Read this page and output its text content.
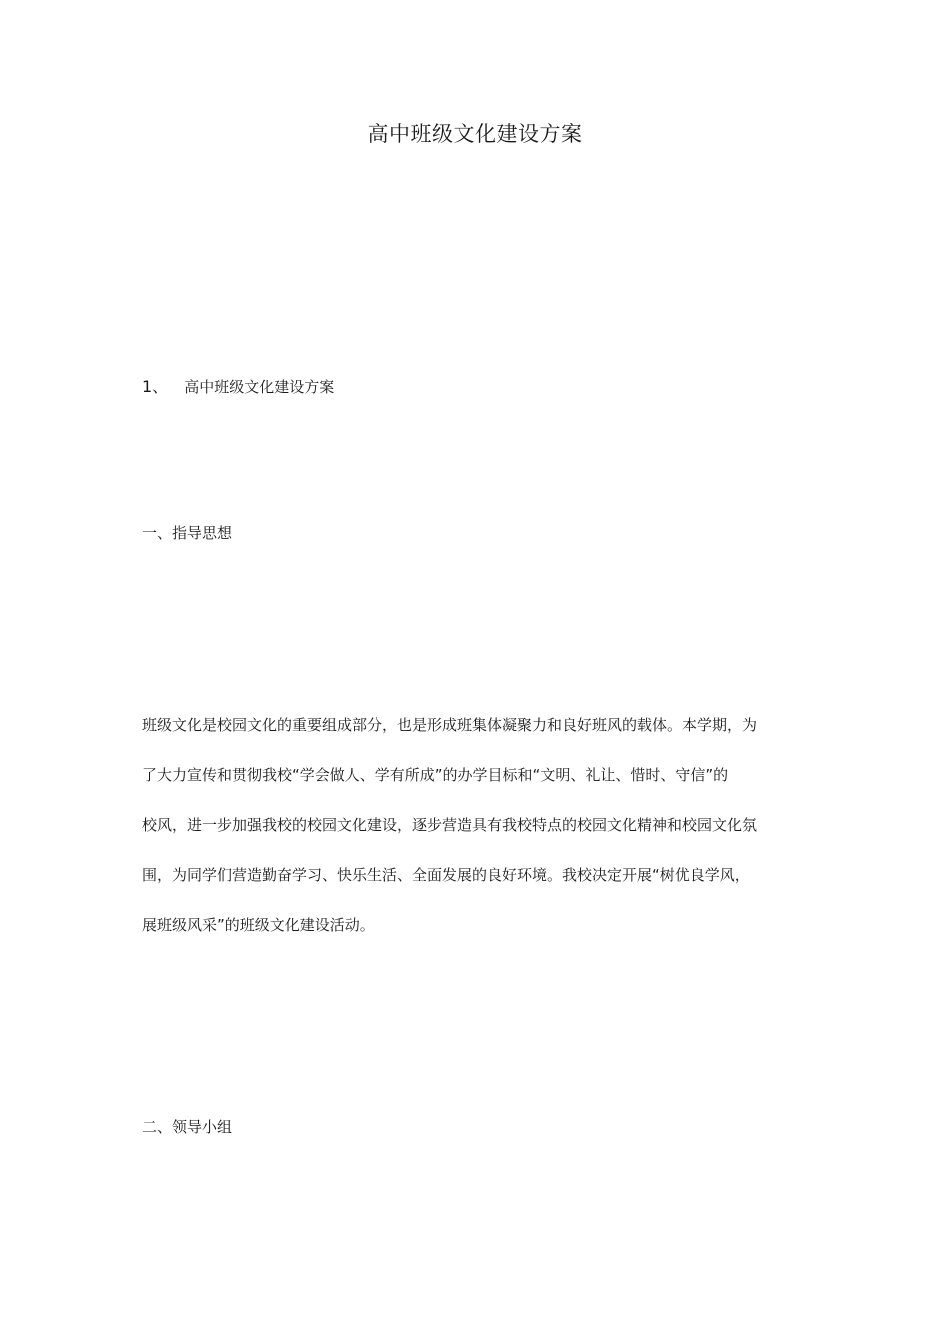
高中班级文化建设方案
1、 高中班级文化建设方案
一、指导思想
班级文化是校园文化的重要组成部分，也是形成班集体凝聚力和良好班风的载体。本学期，为
了大力宣传和贯彻我校“学会做人、学有所成”的办学目标和“文明、礼让、惜时、守信”的
校风，进一步加强我校的校园文化建设，逐步营造具有我校特点的校园文化精神和校园文化氛
围，为同学们营造勤奋学习、快乐生活、全面发展的良好环境。我校决定开展“树优良学风，
展班级风采”的班级文化建设活动。
二、领导小组
